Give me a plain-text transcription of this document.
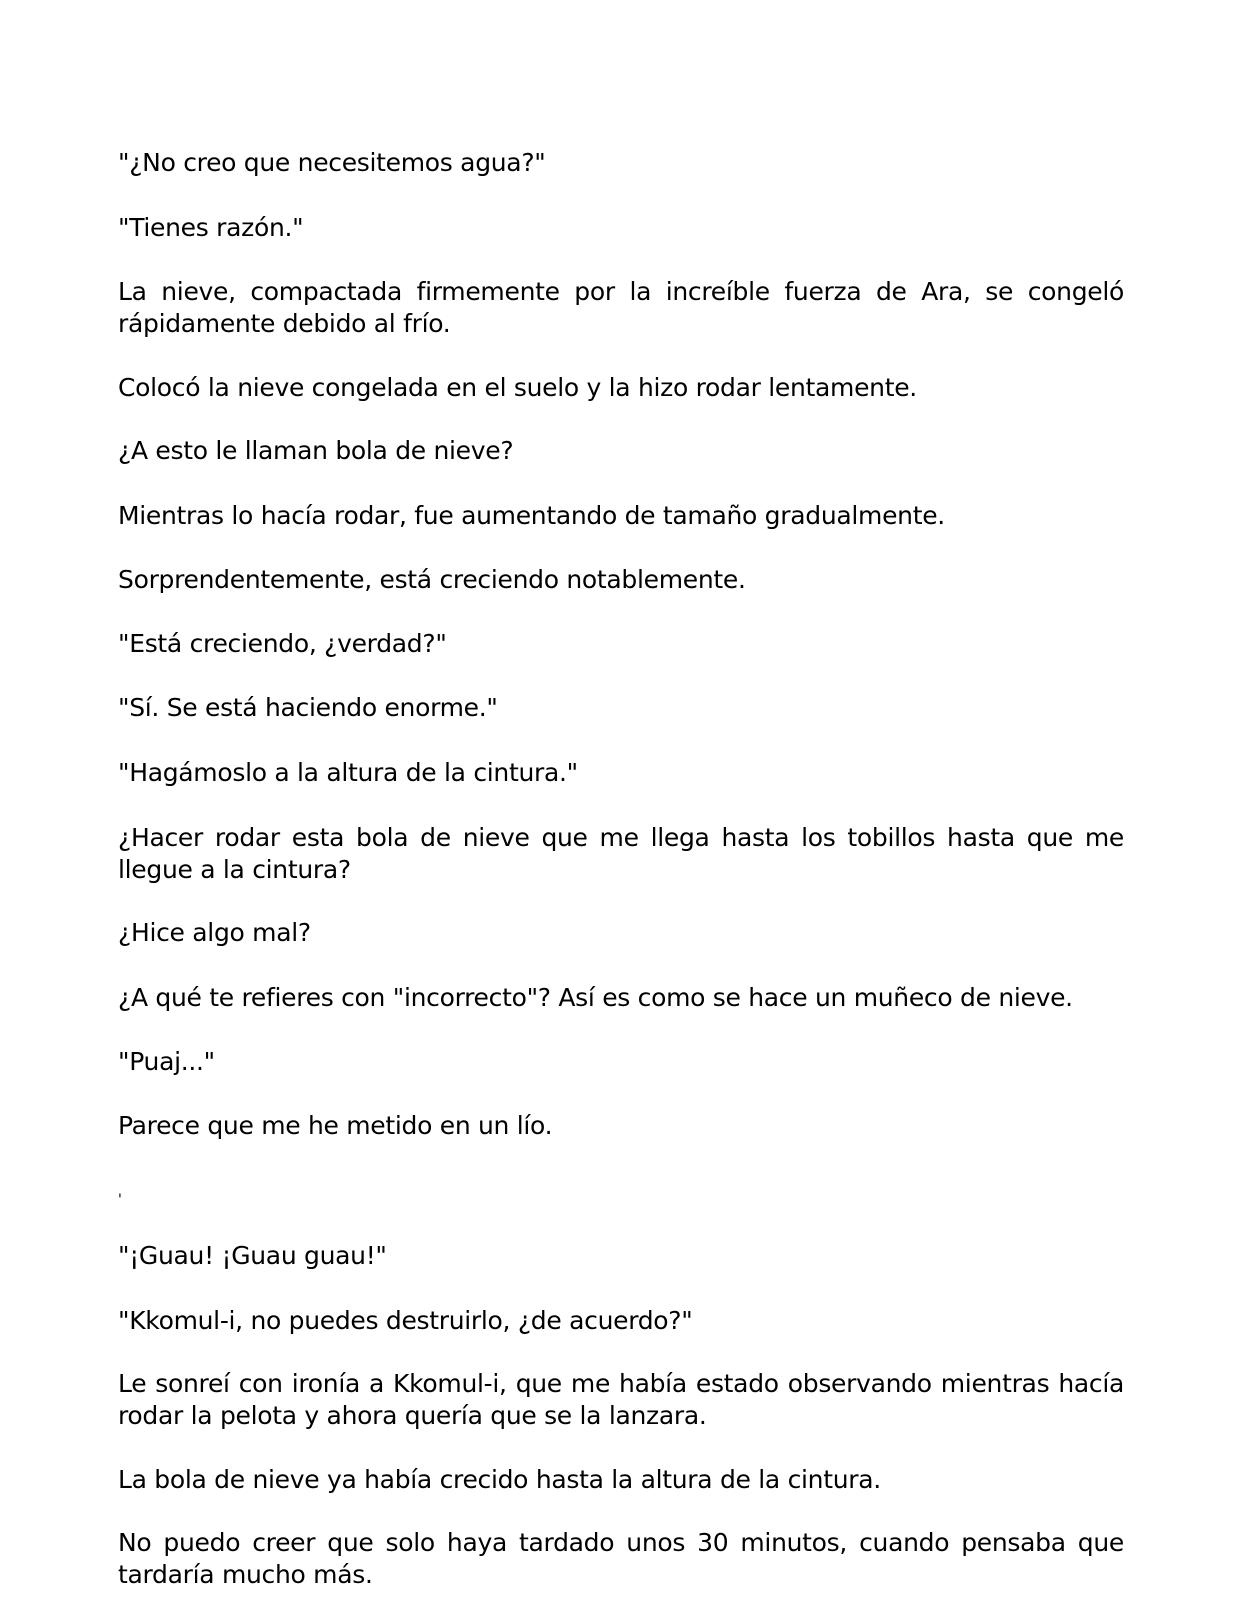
"¿No creo que necesitemos agua?"

"Tienes razón."

La nieve, compactada firmemente por la increíble fuerza de Ara, se congeló rápidamente debido al frío.

Colocó la nieve congelada en el suelo y la hizo rodar lentamente.

¿A esto le llaman bola de nieve?

Mientras lo hacía rodar, fue aumentando de tamaño gradualmente.

Sorprendentemente, está creciendo notablemente.

"Está creciendo, ¿verdad?"

"Sí. Se está haciendo enorme."

"Hagámoslo a la altura de la cintura."

¿Hacer rodar esta bola de nieve que me llega hasta los tobillos hasta que me llegue a la cintura?

¿Hice algo mal?

¿A qué te refieres con "incorrecto"? Así es como se hace un muñeco de nieve.

"Puaj..."

Parece que me he metido en un lío.

'

"¡Guau! ¡Guau guau!"

"Kkomul-i, no puedes destruirlo, ¿de acuerdo?"

Le sonreí con ironía a Kkomul-i, que me había estado observando mientras hacía rodar la pelota y ahora quería que se la lanzara.

La bola de nieve ya había crecido hasta la altura de la cintura.

No puedo creer que solo haya tardado unos 30 minutos, cuando pensaba que tardaría mucho más.
